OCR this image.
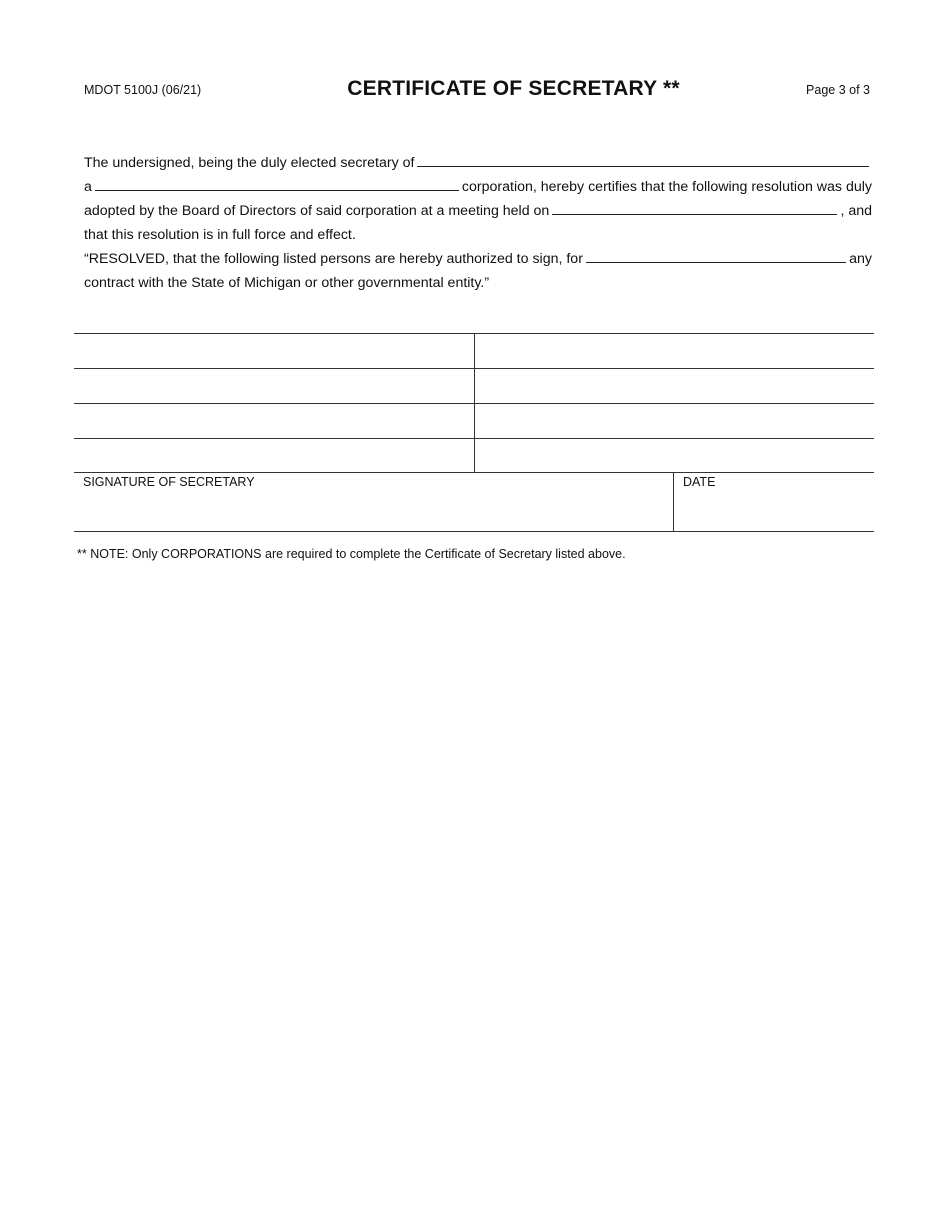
MDOT 5100J (06/21)	CERTIFICATE OF SECRETARY **	Page 3 of 3
The undersigned, being the duly elected secretary of
a	corporation, hereby certifies that the following resolution was duly
adopted by the Board of Directors of said corporation at a meeting held on	, and
that this resolution is in full force and effect.
“RESOLVED, that the following listed persons are hereby authorized to sign, for	any
contract with the State of Michigan or other governmental entity.”
SIGNATURE OF SECRETARY	DATE
** NOTE: Only CORPORATIONS are required to complete the Certificate of Secretary listed above.
